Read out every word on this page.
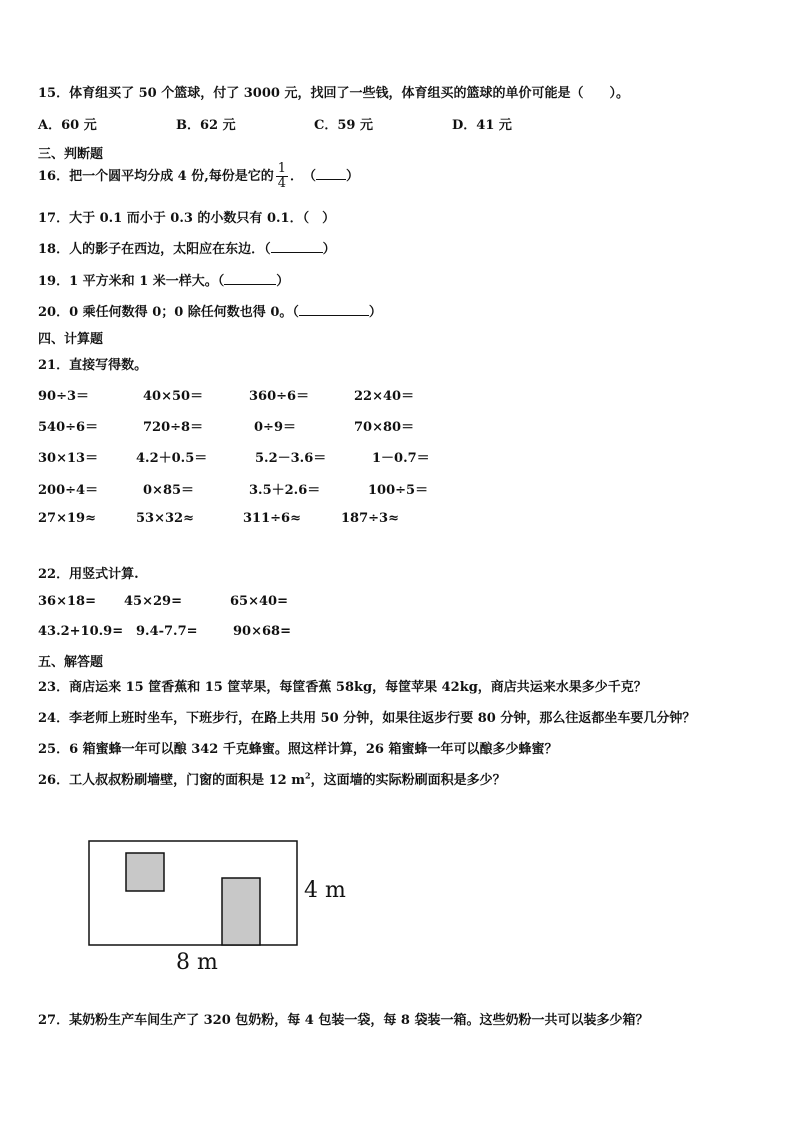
15．体育组买了 50 个篮球，付了 3000 元，找回了一些钱，体育组买的篮球的单价可能是（　　）。
A．60 元	B．62 元	C．59 元	D．41 元
三、判断题
16．把一个圆平均分成 4 份,每份是它的 $\frac{1}{4}$ ．　（ ）
17．大于 0.1 而小于 0.3 的小数只有 0.1．（　）
18．人的影子在西边，太阳应在东边．（	）
19．1 平方米和 1 米一样大。（	）
20．0 乘任何数得 0；0 除任何数也得 0。（	）
四、计算题
21．直接写得数。
90÷3＝	40×50＝	360÷6＝	22×40＝
540÷6＝	720÷8＝	0÷9＝	70×80＝
30×13＝	4.2＋0.5＝	5.2－3.6＝	1－0.7＝
200÷4＝	0×85＝	3.5＋2.6＝	100÷5＝
27×19≈	53×32≈	311÷6≈	187÷3≈
22．用竖式计算.
36×18= 45×29=	65×40=
43.2+10.9= 9.4-7.7=	90×68=
五、解答题
23．商店运来 15 筐香蕉和 15 筐苹果，每筐香蕉 58kg，每筐苹果 42kg，商店共运来水果多少千克？
24．李老师上班时坐车，下班步行，在路上共用 50 分钟，如果往返步行要 80 分钟，那么往返都坐车要几分钟？
25．6 箱蜜蜂一年可以酿 342 千克蜂蜜。照这样计算，26 箱蜜蜂一年可以酿多少蜂蜜？
26．工人叔叔粉刷墙壁，门窗的面积是 12 $m^2$，这面墙的实际粉刷面积是多少？
4 m
8 m
27．某奶粉生产车间生产了 320 包奶粉，每 4 包装一袋，每 8 袋装一箱。这些奶粉一共可以装多少箱？
